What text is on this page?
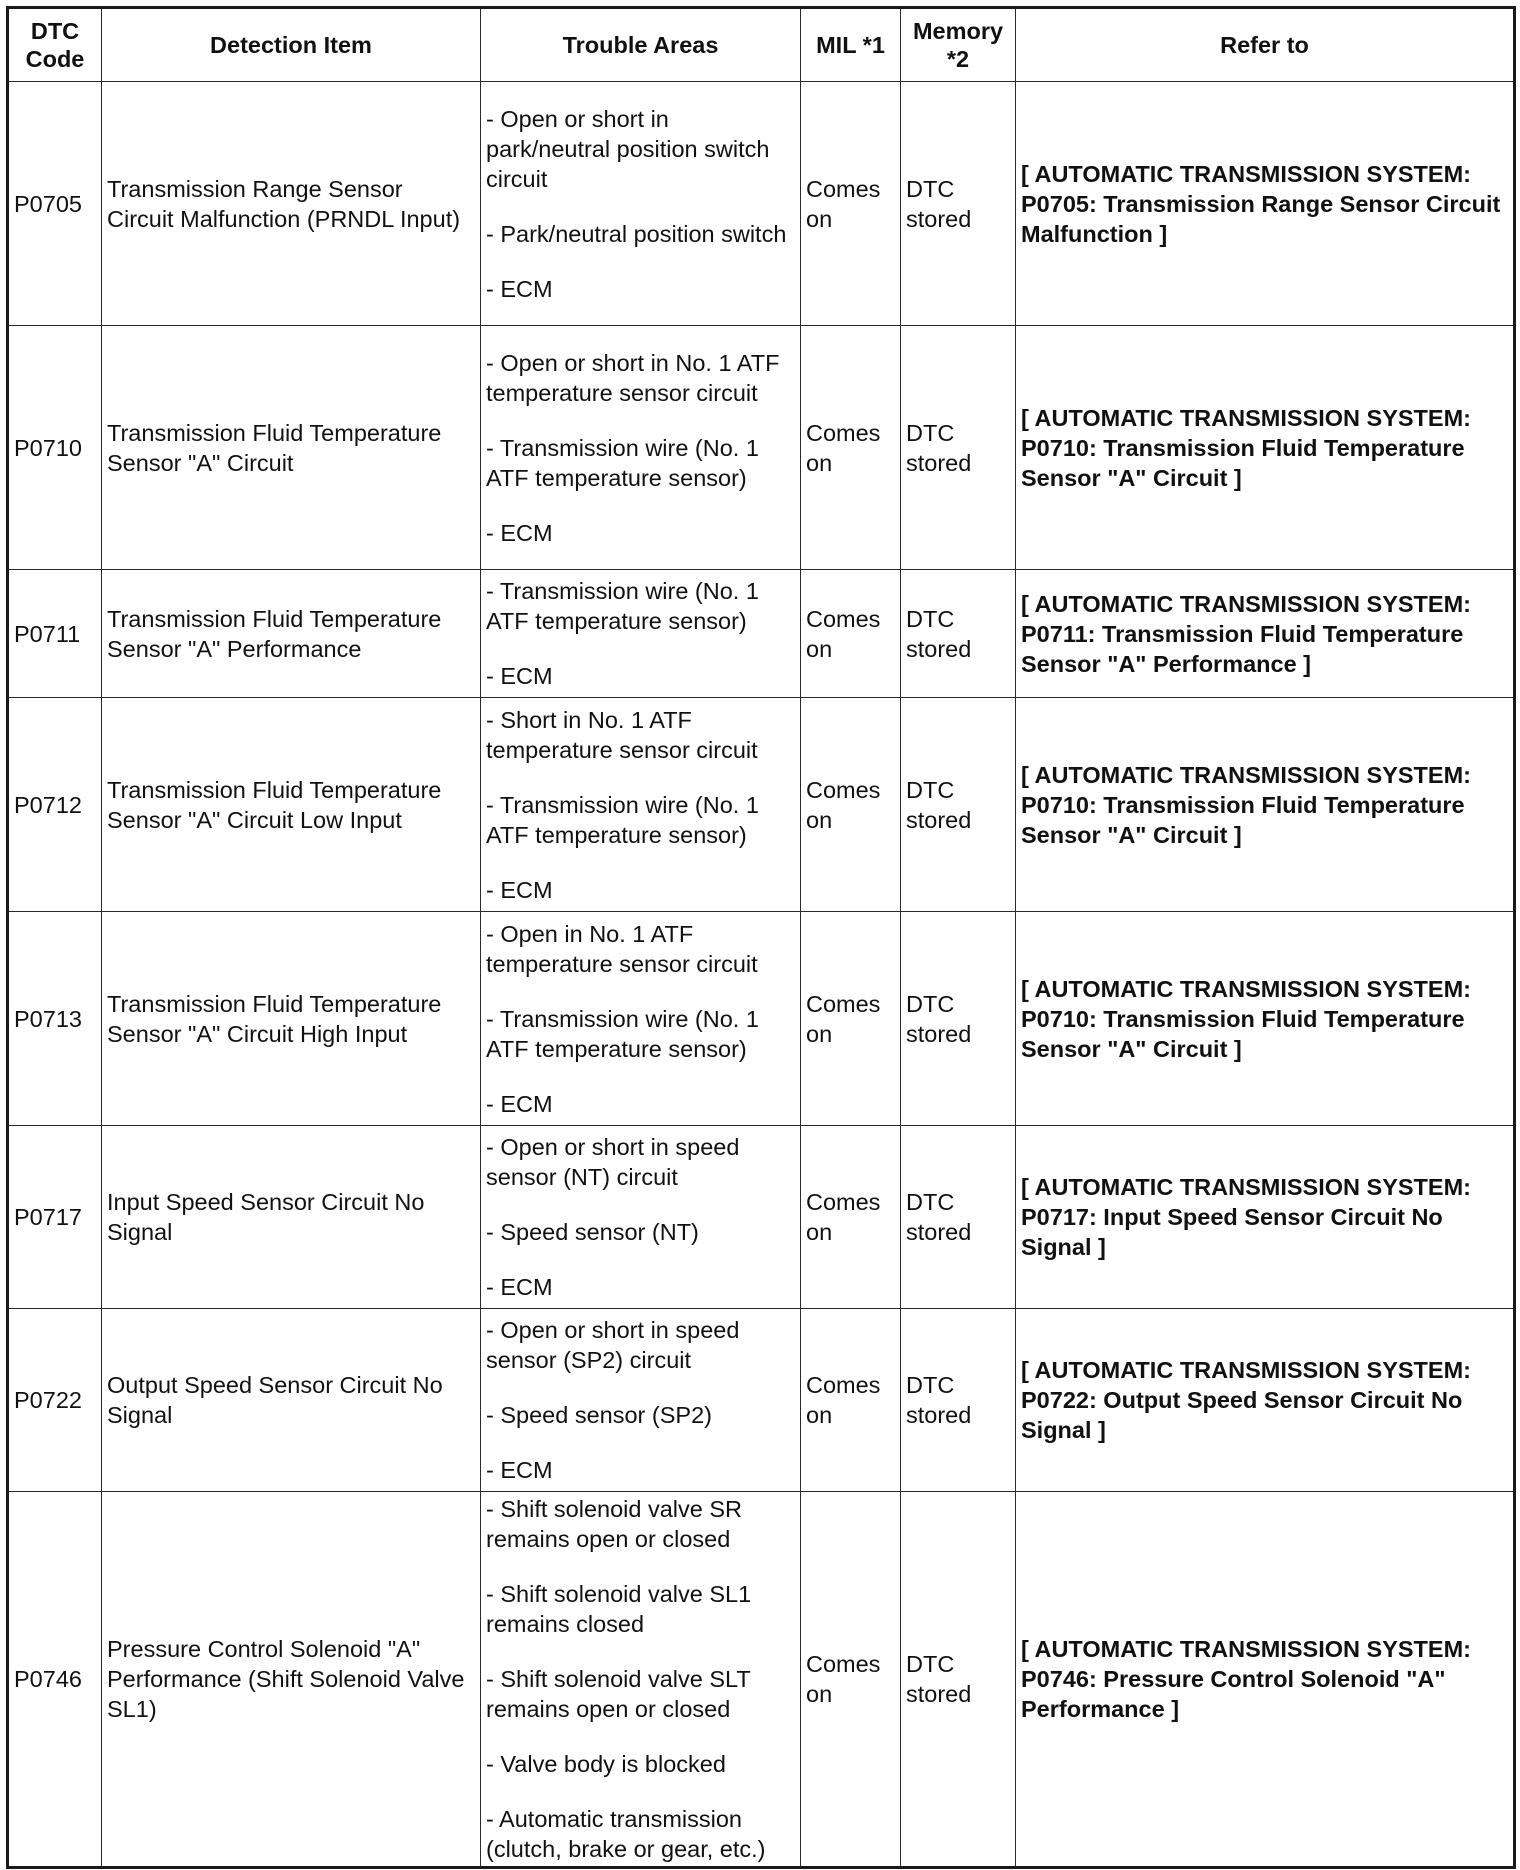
DTC Code	Detection Item	Trouble Areas	MIL *1	Memory *2	Refer to
P0705	Transmission Range Sensor Circuit Malfunction (PRNDL Input)	- Open or short in park/neutral position switch circuit
- Park/neutral position switch
- ECM	Comes on	DTC stored	[ AUTOMATIC TRANSMISSION SYSTEM: P0705: Transmission Range Sensor Circuit Malfunction ]
P0710	Transmission Fluid Temperature Sensor "A" Circuit	- Open or short in No. 1 ATF temperature sensor circuit
- Transmission wire (No. 1 ATF temperature sensor)
- ECM	Comes on	DTC stored	[ AUTOMATIC TRANSMISSION SYSTEM: P0710: Transmission Fluid Temperature Sensor "A" Circuit ]
P0711	Transmission Fluid Temperature Sensor "A" Performance	- Transmission wire (No. 1 ATF temperature sensor)
- ECM	Comes on	DTC stored	[ AUTOMATIC TRANSMISSION SYSTEM: P0711: Transmission Fluid Temperature Sensor "A" Performance ]
P0712	Transmission Fluid Temperature Sensor "A" Circuit Low Input	- Short in No. 1 ATF temperature sensor circuit
- Transmission wire (No. 1 ATF temperature sensor)
- ECM	Comes on	DTC stored	[ AUTOMATIC TRANSMISSION SYSTEM: P0710: Transmission Fluid Temperature Sensor "A" Circuit ]
P0713	Transmission Fluid Temperature Sensor "A" Circuit High Input	- Open in No. 1 ATF temperature sensor circuit
- Transmission wire (No. 1 ATF temperature sensor)
- ECM	Comes on	DTC stored	[ AUTOMATIC TRANSMISSION SYSTEM: P0710: Transmission Fluid Temperature Sensor "A" Circuit ]
P0717	Input Speed Sensor Circuit No Signal	- Open or short in speed sensor (NT) circuit
- Speed sensor (NT)
- ECM	Comes on	DTC stored	[ AUTOMATIC TRANSMISSION SYSTEM: P0717: Input Speed Sensor Circuit No Signal ]
P0722	Output Speed Sensor Circuit No Signal	- Open or short in speed sensor (SP2) circuit
- Speed sensor (SP2)
- ECM	Comes on	DTC stored	[ AUTOMATIC TRANSMISSION SYSTEM: P0722: Output Speed Sensor Circuit No Signal ]
P0746	Pressure Control Solenoid "A" Performance (Shift Solenoid Valve SL1)	- Shift solenoid valve SR remains open or closed
- Shift solenoid valve SL1 remains closed
- Shift solenoid valve SLT remains open or closed
- Valve body is blocked
- Automatic transmission (clutch, brake or gear, etc.)	Comes on	DTC stored	[ AUTOMATIC TRANSMISSION SYSTEM: P0746: Pressure Control Solenoid "A" Performance ]
